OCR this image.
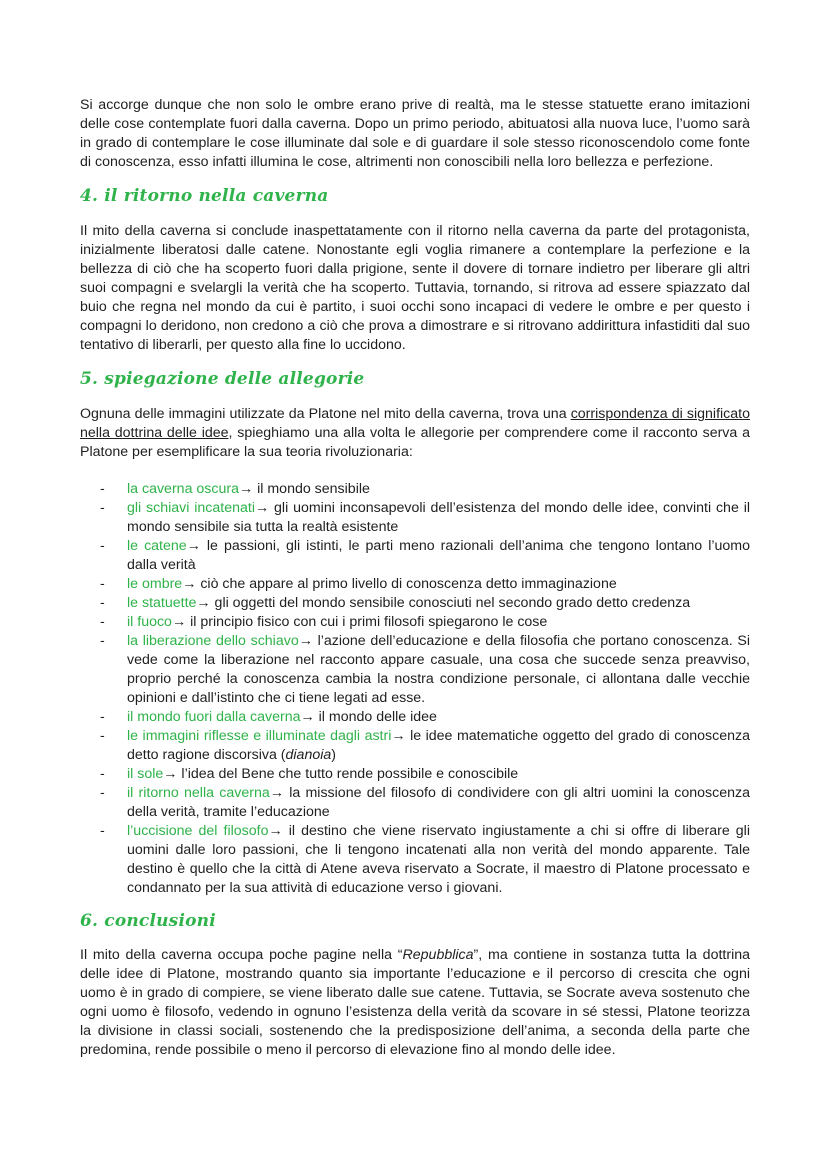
Si accorge dunque che non solo le ombre erano prive di realtà, ma le stesse statuette erano imitazioni delle cose contemplate fuori dalla caverna. Dopo un primo periodo, abituatosi alla nuova luce, l’uomo sarà in grado di contemplare le cose illuminate dal sole e di guardare il sole stesso riconoscendolo come fonte di conoscenza, esso infatti illumina le cose, altrimenti non conoscibili nella loro bellezza e perfezione.

4. il ritorno nella caverna

Il mito della caverna si conclude inaspettatamente con il ritorno nella caverna da parte del protagonista, inizialmente liberatosi dalle catene. Nonostante egli voglia rimanere a contemplare la perfezione e la bellezza di ciò che ha scoperto fuori dalla prigione, sente il dovere di tornare indietro per liberare gli altri suoi compagni e svelargli la verità che ha scoperto. Tuttavia, tornando, si ritrova ad essere spiazzato dal buio che regna nel mondo da cui è partito, i suoi occhi sono incapaci di vedere le ombre e per questo i compagni lo deridono, non credono a ciò che prova a dimostrare e si ritrovano addirittura infastiditi dal suo tentativo di liberarli, per questo alla fine lo uccidono.

5. spiegazione delle allegorie

Ognuna delle immagini utilizzate da Platone nel mito della caverna, trova una corrispondenza di significato nella dottrina delle idee, spieghiamo una alla volta le allegorie per comprendere come il racconto serva a Platone per esemplificare la sua teoria rivoluzionaria:

- la caverna oscura→ il mondo sensibile
- gli schiavi incatenati→ gli uomini inconsapevoli dell’esistenza del mondo delle idee, convinti che il mondo sensibile sia tutta la realtà esistente
- le catene→ le passioni, gli istinti, le parti meno razionali dell’anima che tengono lontano l’uomo dalla verità
- le ombre→ ciò che appare al primo livello di conoscenza detto immaginazione
- le statuette→ gli oggetti del mondo sensibile conosciuti nel secondo grado detto credenza
- il fuoco→ il principio fisico con cui i primi filosofi spiegarono le cose
- la liberazione dello schiavo→ l’azione dell’educazione e della filosofia che portano conoscenza. Si vede come la liberazione nel racconto appare casuale, una cosa che succede senza preavviso, proprio perché la conoscenza cambia la nostra condizione personale, ci allontana dalle vecchie opinioni e dall’istinto che ci tiene legati ad esse.
- il mondo fuori dalla caverna→ il mondo delle idee
- le immagini riflesse e illuminate dagli astri→ le idee matematiche oggetto del grado di conoscenza detto ragione discorsiva (dianoia)
- il sole→ l’idea del Bene che tutto rende possibile e conoscibile
- il ritorno nella caverna→ la missione del filosofo di condividere con gli altri uomini la conoscenza della verità, tramite l’educazione
- l’uccisione del filosofo→ il destino che viene riservato ingiustamente a chi si offre di liberare gli uomini dalle loro passioni, che li tengono incatenati alla non verità del mondo apparente. Tale destino è quello che la città di Atene aveva riservato a Socrate, il maestro di Platone processato e condannato per la sua attività di educazione verso i giovani.
6. conclusioni

Il mito della caverna occupa poche pagine nella “Repubblica”, ma contiene in sostanza tutta la dottrina delle idee di Platone, mostrando quanto sia importante l’educazione e il percorso di crescita che ogni uomo è in grado di compiere, se viene liberato dalle sue catene. Tuttavia, se Socrate aveva sostenuto che ogni uomo è filosofo, vedendo in ognuno l’esistenza della verità da scovare in sé stessi, Platone teorizza la divisione in classi sociali, sostenendo che la predisposizione dell’anima, a seconda della parte che predomina, rende possibile o meno il percorso di elevazione fino al mondo delle idee.
